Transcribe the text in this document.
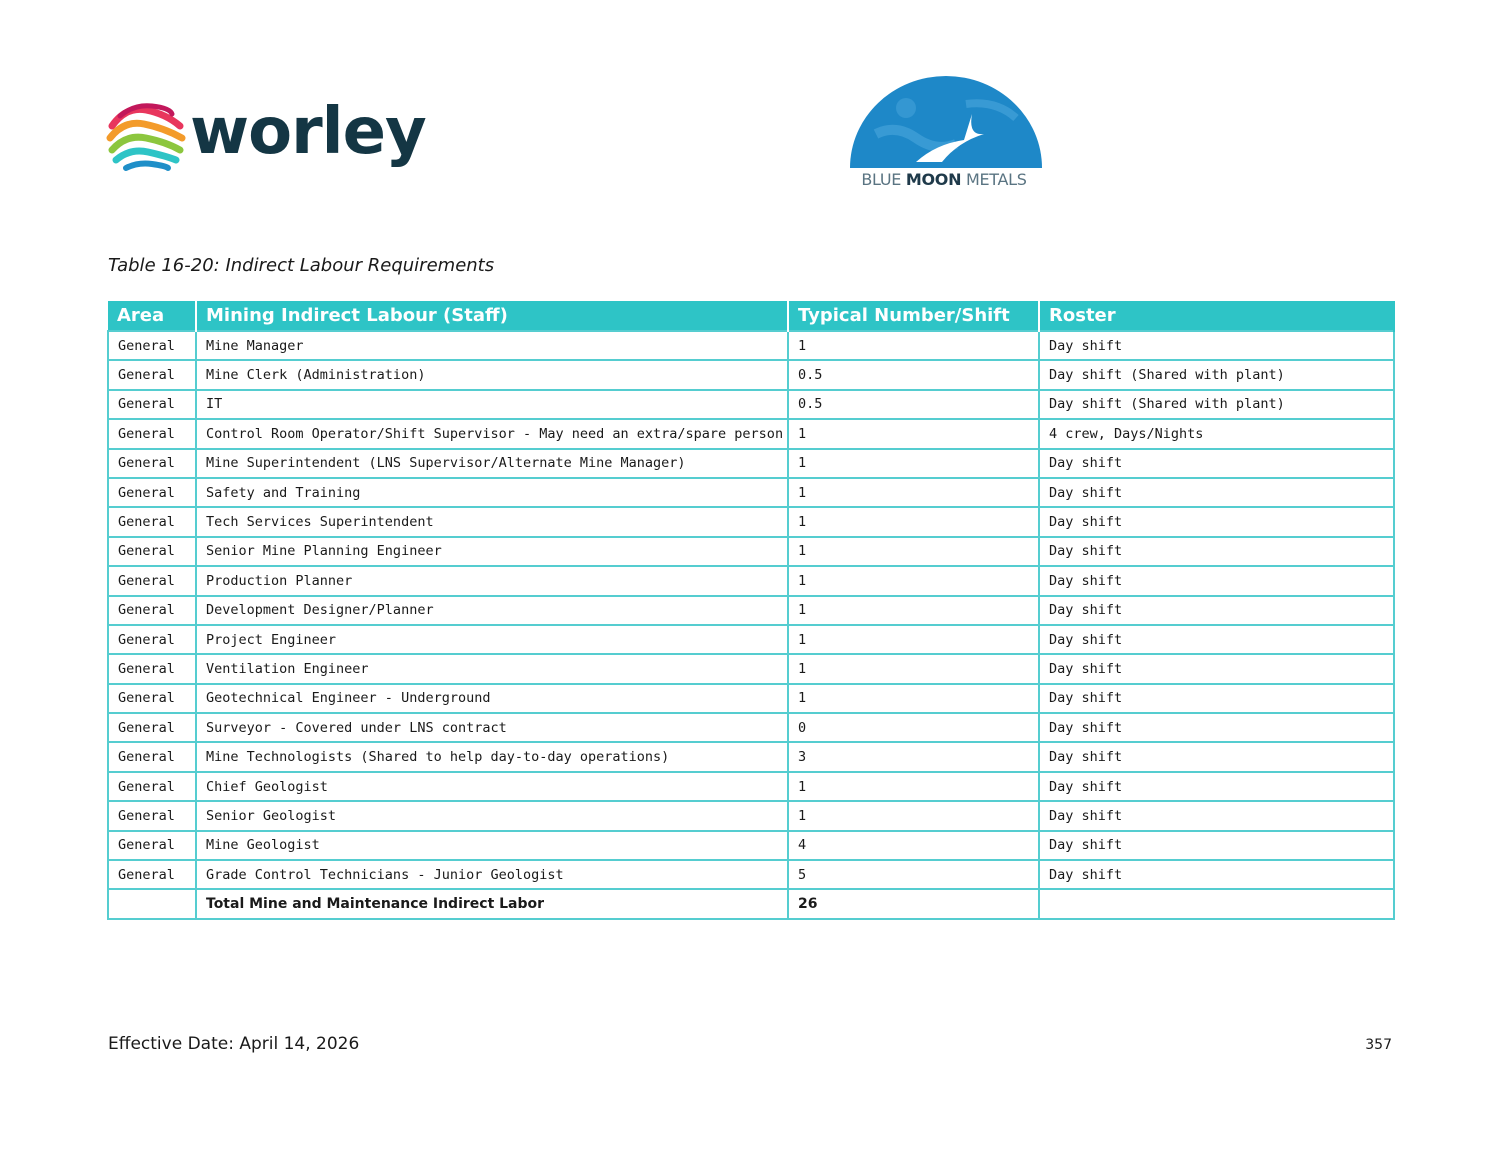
worley
BLUE MOON METALS
Table 16-20: Indirect Labour Requirements
Area	Mining Indirect Labour (Staff)	Typical Number/Shift	Roster
General	Mine Manager	1	Day shift
General	Mine Clerk (Administration)	0.5	Day shift (Shared with plant)
General	IT	0.5	Day shift (Shared with plant)
General	Control Room Operator/Shift Supervisor - May need an extra/spare person	1	4 crew, Days/Nights
General	Mine Superintendent (LNS Supervisor/Alternate Mine Manager)	1	Day shift
General	Safety and Training	1	Day shift
General	Tech Services Superintendent	1	Day shift
General	Senior Mine Planning Engineer	1	Day shift
General	Production Planner	1	Day shift
General	Development Designer/Planner	1	Day shift
General	Project Engineer	1	Day shift
General	Ventilation Engineer	1	Day shift
General	Geotechnical Engineer - Underground	1	Day shift
General	Surveyor - Covered under LNS contract	0	Day shift
General	Mine Technologists (Shared to help day-to-day operations)	3	Day shift
General	Chief Geologist	1	Day shift
General	Senior Geologist	1	Day shift
General	Mine Geologist	4	Day shift
General	Grade Control Technicians - Junior Geologist	5	Day shift
	Total Mine and Maintenance Indirect Labor	26	
Effective Date: April 14, 2026	357
